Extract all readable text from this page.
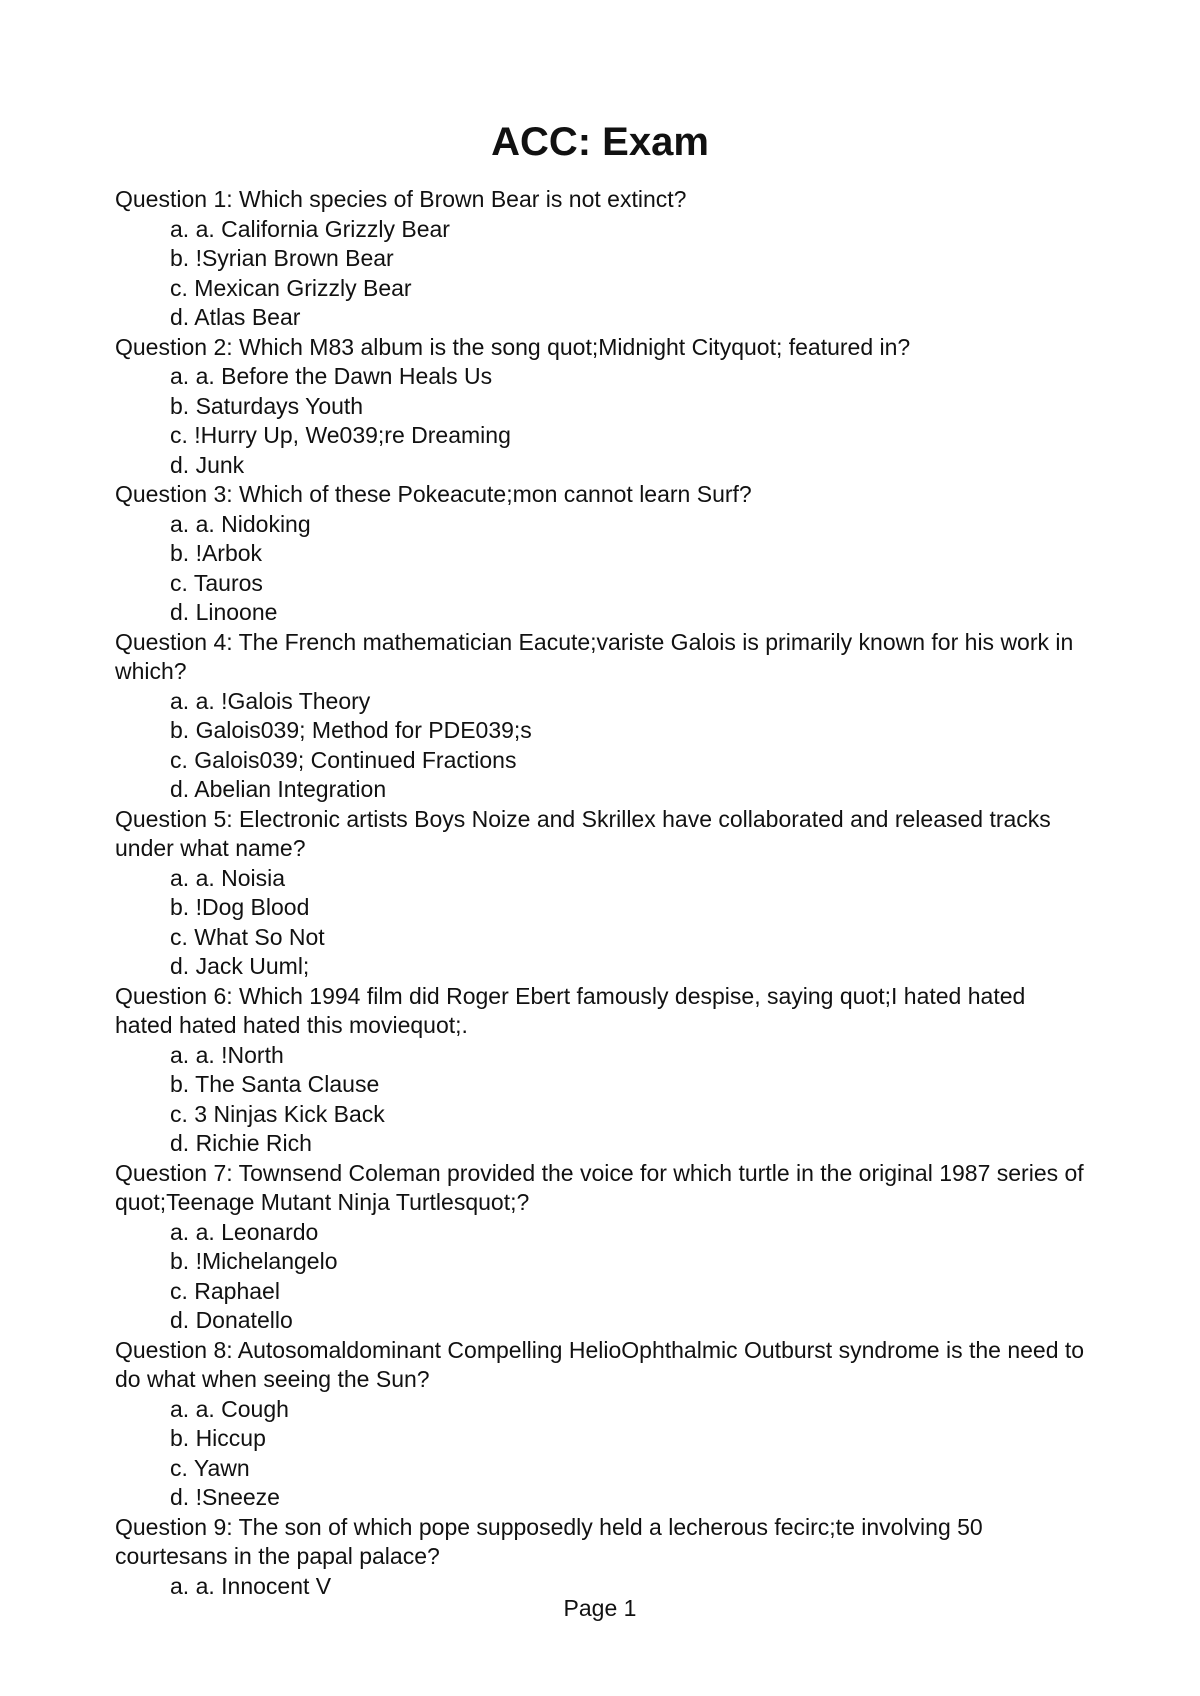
ACC: Exam

Question 1: Which species of Brown Bear is not extinct?

a. a. California Grizzly Bear
b. !Syrian Brown Bear
c. Mexican Grizzly Bear
d. Atlas Bear

Question 2: Which M83 album is the song quot;Midnight Cityquot; featured in?

a. a. Before the Dawn Heals Us
b. Saturdays Youth
c. !Hurry Up, We039;re Dreaming
d. Junk

Question 3: Which of these Pokeacute;mon cannot learn Surf?

a. a. Nidoking
b. !Arbok
c. Tauros
d. Linoone

Question 4: The French mathematician Eacute;variste Galois is primarily known for his work in which?

a. a. !Galois Theory
b. Galois039; Method for PDE039;s
c. Galois039; Continued Fractions
d. Abelian Integration

Question 5: Electronic artists Boys Noize and Skrillex have collaborated and released tracks under what name?

a. a. Noisia
b. !Dog Blood
c. What So Not
d. Jack Uuml;

Question 6: Which 1994 film did Roger Ebert famously despise, saying quot;I hated hated hated hated hated this moviequot;.

a. a. !North
b. The Santa Clause
c. 3 Ninjas Kick Back
d. Richie Rich

Question 7: Townsend Coleman provided the voice for which turtle in the original 1987 series of quot;Teenage Mutant Ninja Turtlesquot;?

a. a. Leonardo
b. !Michelangelo
c. Raphael
d. Donatello

Question 8: Autosomaldominant Compelling HelioOphthalmic Outburst syndrome is the need to do what when seeing the Sun?

a. a. Cough
b. Hiccup
c. Yawn
d. !Sneeze

Question 9: The son of which pope supposedly held a lecherous fecirc;te involving 50 courtesans in the papal palace?

a. a. Innocent V
Page 1
